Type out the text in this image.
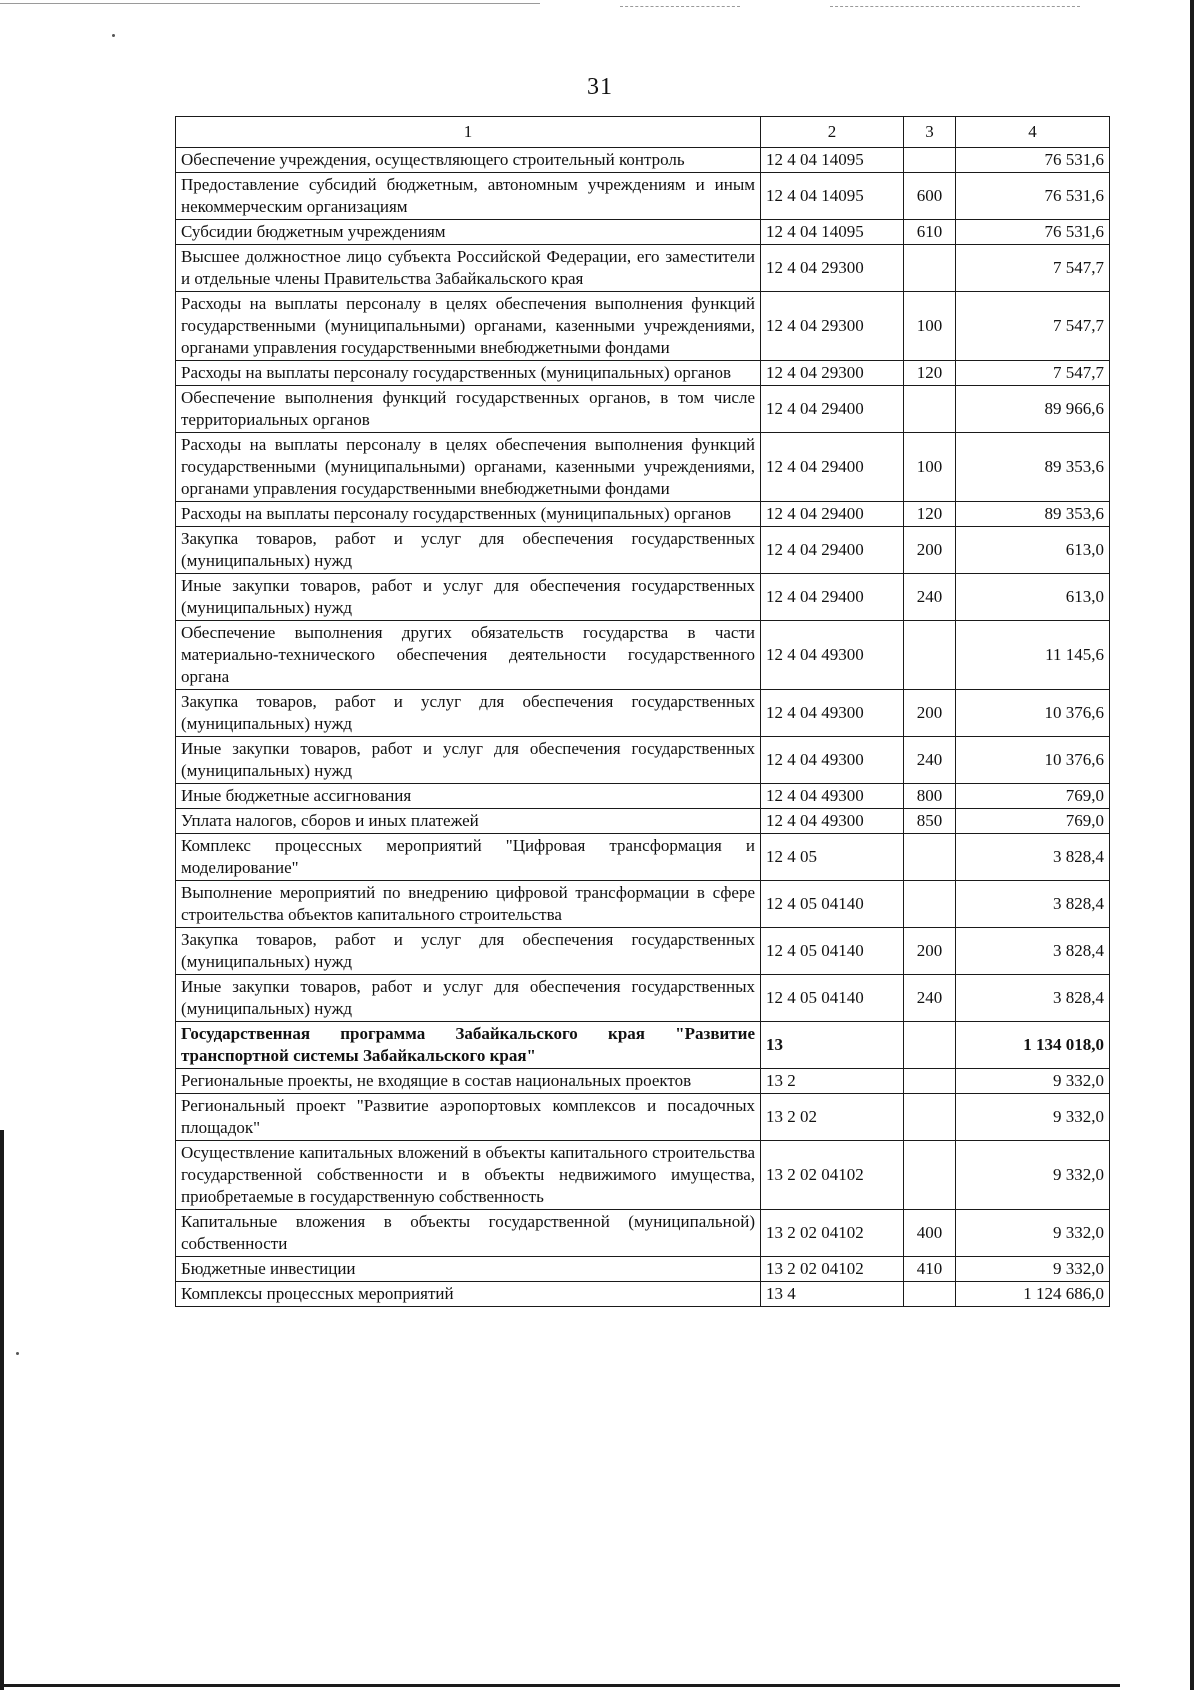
31
1	2	3	4
Обеспечение учреждения, осуществляющего строительный контроль	12 4 04 14095		76 531,6
Предоставление субсидий бюджетным, автономным учреждениям и иным некоммерческим организациям	12 4 04 14095	600	76 531,6
Субсидии бюджетным учреждениям	12 4 04 14095	610	76 531,6
Высшее должностное лицо субъекта Российской Федерации, его заместители и отдельные члены Правительства Забайкальского края	12 4 04 29300		7 547,7
Расходы на выплаты персоналу в целях обеспечения выполнения функций государственными (муниципальными) органами, казенными учреждениями, органами управления государственными внебюджетными фондами	12 4 04 29300	100	7 547,7
Расходы на выплаты персоналу государственных (муниципальных) органов	12 4 04 29300	120	7 547,7
Обеспечение выполнения функций государственных органов, в том числе территориальных органов	12 4 04 29400		89 966,6
Расходы на выплаты персоналу в целях обеспечения выполнения функций государственными (муниципальными) органами, казенными учреждениями, органами управления государственными внебюджетными фондами	12 4 04 29400	100	89 353,6
Расходы на выплаты персоналу государственных (муниципальных) органов	12 4 04 29400	120	89 353,6
Закупка товаров, работ и услуг для обеспечения государственных (муниципальных) нужд	12 4 04 29400	200	613,0
Иные закупки товаров, работ и услуг для обеспечения государственных (муниципальных) нужд	12 4 04 29400	240	613,0
Обеспечение выполнения других обязательств государства в части материально-технического обеспечения деятельности государственного органа	12 4 04 49300		11 145,6
Закупка товаров, работ и услуг для обеспечения государственных (муниципальных) нужд	12 4 04 49300	200	10 376,6
Иные закупки товаров, работ и услуг для обеспечения государственных (муниципальных) нужд	12 4 04 49300	240	10 376,6
Иные бюджетные ассигнования	12 4 04 49300	800	769,0
Уплата налогов, сборов и иных платежей	12 4 04 49300	850	769,0
Комплекс процессных мероприятий "Цифровая трансформация и моделирование"	12 4 05		3 828,4
Выполнение мероприятий по внедрению цифровой трансформации в сфере строительства объектов капитального строительства	12 4 05 04140		3 828,4
Закупка товаров, работ и услуг для обеспечения государственных (муниципальных) нужд	12 4 05 04140	200	3 828,4
Иные закупки товаров, работ и услуг для обеспечения государственных (муниципальных) нужд	12 4 05 04140	240	3 828,4
Государственная программа Забайкальского края "Развитие транспортной системы Забайкальского края"	13		1 134 018,0
Региональные проекты, не входящие в состав национальных проектов	13 2		9 332,0
Региональный проект "Развитие аэропортовых комплексов и посадочных площадок"	13 2 02		9 332,0
Осуществление капитальных вложений в объекты капитального строительства государственной собственности и в объекты недвижимого имущества, приобретаемые в государственную собственность	13 2 02 04102		9 332,0
Капитальные вложения в объекты государственной (муниципальной) собственности	13 2 02 04102	400	9 332,0
Бюджетные инвестиции	13 2 02 04102	410	9 332,0
Комплексы процессных мероприятий	13 4		1 124 686,0
